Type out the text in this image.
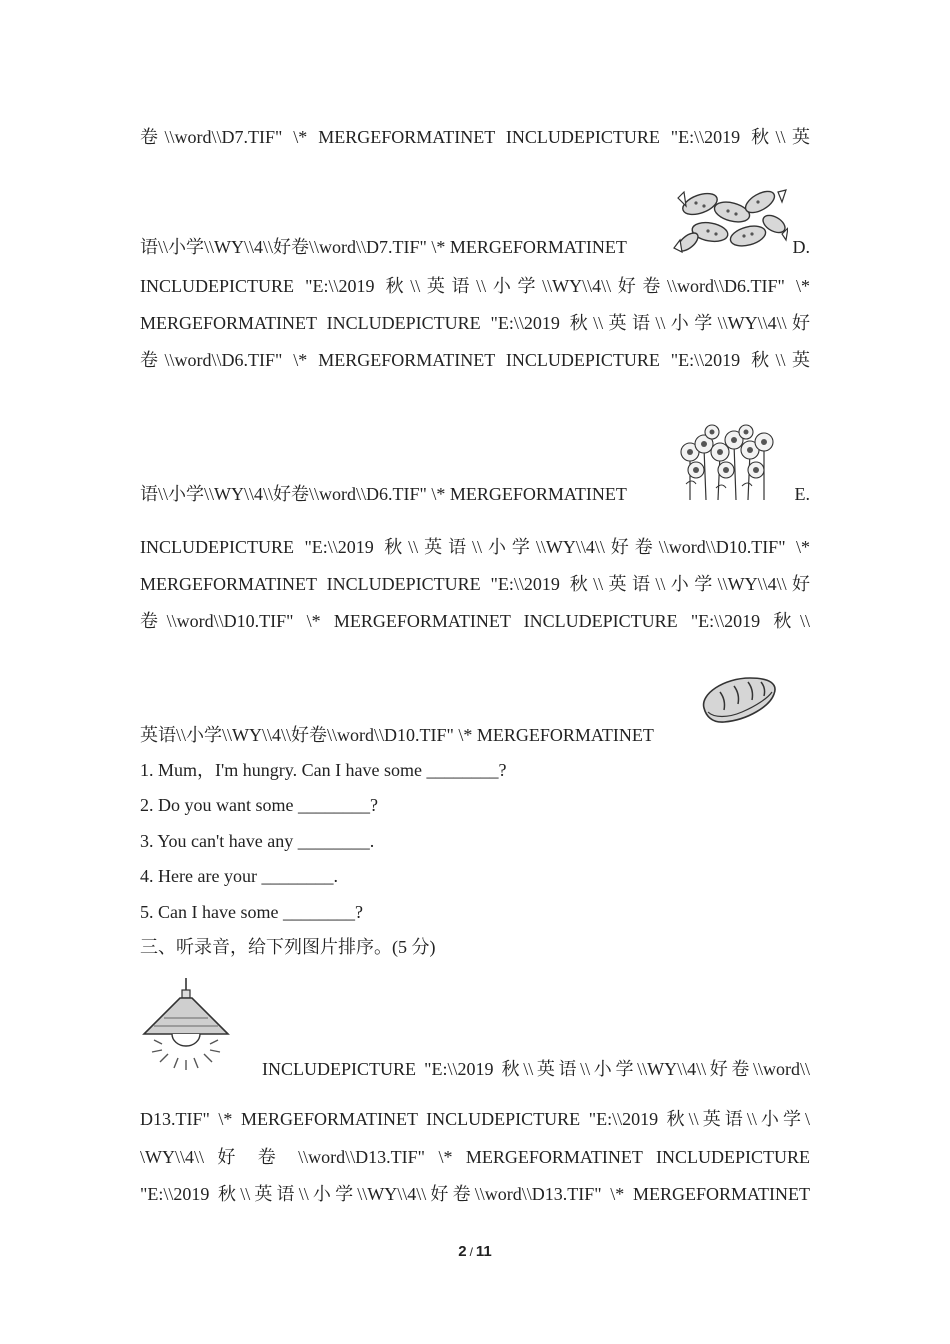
卷\\word\\D7.TIF" \* MERGEFORMATINET INCLUDEPICTURE "E:\\2019 秋\\英
语\\小学\\WY\\4\\好卷\\word\\D7.TIF" \* MERGEFORMATINET	D.
INCLUDEPICTURE "E:\\2019 秋\\英语\\小学\\WY\\4\\好卷\\word\\D6.TIF" \*
MERGEFORMATINET INCLUDEPICTURE "E:\\2019 秋\\英语\\小学\\WY\\4\\好
卷\\word\\D6.TIF" \* MERGEFORMATINET INCLUDEPICTURE "E:\\2019 秋\\英
语\\小学\\WY\\4\\好卷\\word\\D6.TIF" \* MERGEFORMATINET	E.
INCLUDEPICTURE "E:\\2019 秋\\英语\\小学\\WY\\4\\好卷\\word\\D10.TIF" \*
MERGEFORMATINET INCLUDEPICTURE "E:\\2019 秋\\英语\\小学\\WY\\4\\好
卷\\word\\D10.TIF" \* MERGEFORMATINET INCLUDEPICTURE "E:\\2019 秋\\
英语\\小学\\WY\\4\\好卷\\word\\D10.TIF" \* MERGEFORMATINET
1. Mum，I'm hungry. Can I have some ________?
2. Do you want some ________?
3. You can't have any ________.
4. Here are your ________.
5. Can I have some ________?
三、听录音，给下列图片排序。(5 分)
INCLUDEPICTURE "E:\\2019 秋\\英语\\小学\\WY\\4\\好卷\\word\\
D13.TIF" \* MERGEFORMATINET INCLUDEPICTURE "E:\\2019 秋\\英语\\小学\
\WY\\4\\ 好 卷 \\word\\D13.TIF" \* MERGEFORMATINET INCLUDEPICTURE
"E:\\2019 秋\\英语\\小学\\WY\\4\\好卷\\word\\D13.TIF" \* MERGEFORMATINET
2 / 11
